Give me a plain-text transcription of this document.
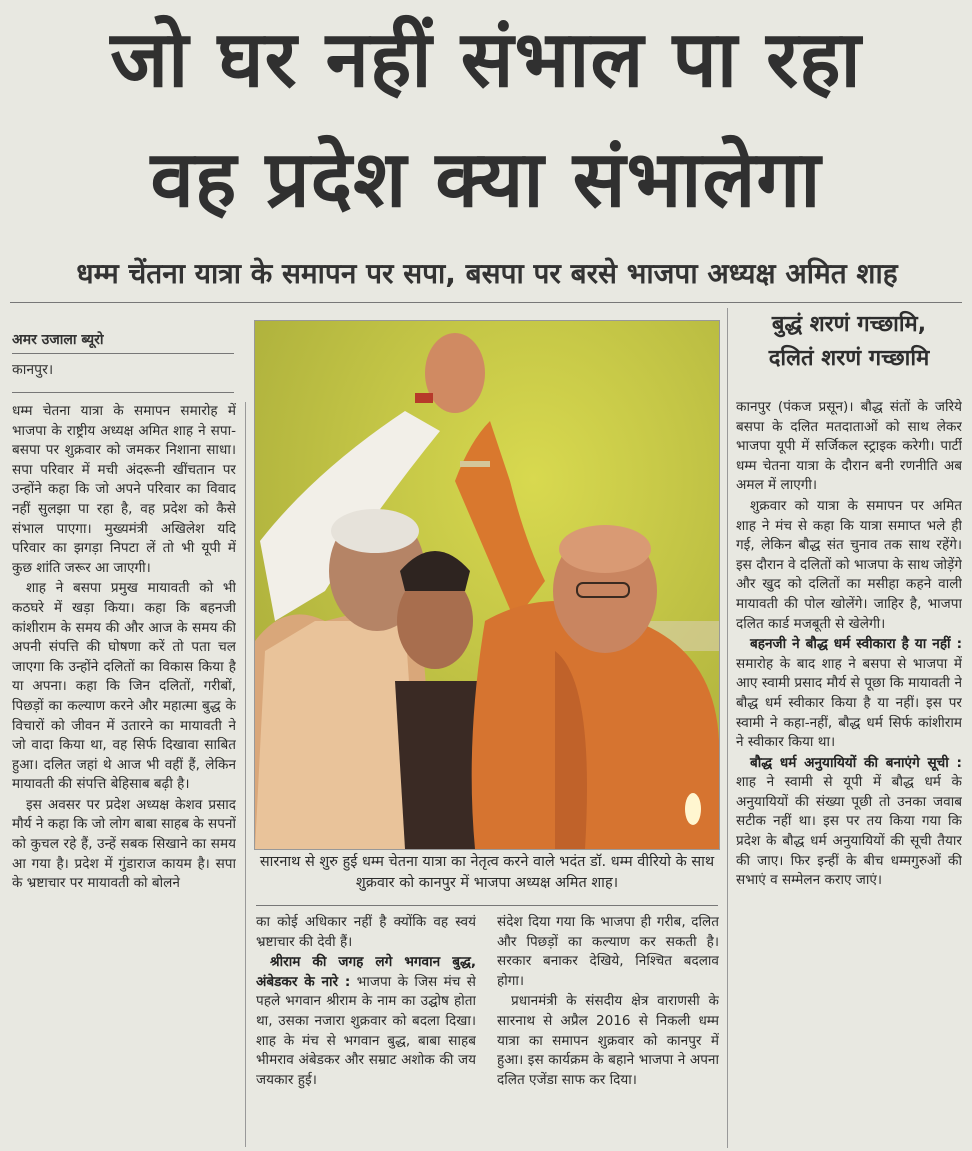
जो घर नहीं संभाल पा रहा
वह प्रदेश क्या संभालेगा
धम्म चेंतना यात्रा के समापन पर सपा, बसपा पर बरसे भाजपा अध्यक्ष अमित शाह
अमर उजाला ब्यूरो
कानपुर।

धम्म चेतना यात्रा के समापन समारोह में भाजपा के राष्ट्रीय अध्यक्ष अमित शाह ने सपा-बसपा पर शुक्रवार को जमकर निशाना साधा। सपा परिवार में मची अंदरूनी खींचतान पर उन्होंने कहा कि जो अपने परिवार का विवाद नहीं सुलझा पा रहा है, वह प्रदेश को कैसे संभाल पाएगा। मुख्यमंत्री अखिलेश यदि परिवार का झगड़ा निपटा लें तो भी यूपी में कुछ शांति जरूर आ जाएगी।

शाह ने बसपा प्रमुख मायावती को भी कठघरे में खड़ा किया। कहा कि बहनजी कांशीराम के समय की और आज के समय की अपनी संपत्ति की घोषणा करें तो पता चल जाएगा कि उन्होंने दलितों का विकास किया है या अपना। कहा कि जिन दलितों, गरीबों, पिछड़ों का कल्याण करने और महात्मा बुद्ध के विचारों को जीवन में उतारने का मायावती ने जो वादा किया था, वह सिर्फ दिखावा साबित हुआ। दलित जहां थे आज भी वहीं हैं, लेकिन मायावती की संपत्ति बेहिसाब बढ़ी है।

इस अवसर पर प्रदेश अध्यक्ष केशव प्रसाद मौर्य ने कहा कि जो लोग बाबा साहब के सपनों को कुचल रहे हैं, उन्हें सबक सिखाने का समय आ गया है। प्रदेश में गुंडाराज कायम है। सपा के भ्रष्टाचार पर मायावती को बोलने

सारनाथ से शुरु हुई धम्म चेतना यात्रा का नेतृत्व करने वाले भदंत डॉ. धम्म वीरियो के साथ शुक्रवार को कानपुर में भाजपा अध्यक्ष अमित शाह।

का कोई अधिकार नहीं है क्योंकि वह स्वयं भ्रष्टाचार की देवी हैं।

श्रीराम की जगह लगे भगवान बुद्ध, अंबेडकर के नारे : भाजपा के जिस मंच से पहले भगवान श्रीराम के नाम का उद्घोष होता था, उसका नजारा शुक्रवार को बदला दिखा। शाह के मंच से भगवान बुद्ध, बाबा साहब भीमराव अंबेडकर और सम्राट अशोक की जय जयकार हुई।

संदेश दिया गया कि भाजपा ही गरीब, दलित और पिछड़ों का कल्याण कर सकती है। सरकार बनाकर देखिये, निश्चित बदलाव होगा।

प्रधानमंत्री के संसदीय क्षेत्र वाराणसी के सारनाथ से अप्रैल 2016 से निकली धम्म यात्रा का समापन शुक्रवार को कानपुर में हुआ। इस कार्यक्रम के बहाने भाजपा ने अपना दलित एजेंडा साफ कर दिया।

बुद्धं शरणं गच्छामि,
दलितं शरणं गच्छामि

कानपुर (पंकज प्रसून)। बौद्ध संतों के जरिये बसपा के दलित मतदाताओं को साथ लेकर भाजपा यूपी में सर्जिकल स्ट्राइक करेगी। पार्टी धम्म चेतना यात्रा के दौरान बनी रणनीति अब अमल में लाएगी।

शुक्रवार को यात्रा के समापन पर अमित शाह ने मंच से कहा कि यात्रा समाप्त भले ही गई, लेकिन बौद्ध संत चुनाव तक साथ रहेंगे। इस दौरान वे दलितों को भाजपा के साथ जोड़ेंगे और खुद को दलितों का मसीहा कहने वाली मायावती की पोल खोलेंगे। जाहिर है, भाजपा दलित कार्ड मजबूती से खेलेगी।

बहनजी ने बौद्ध धर्म स्वीकारा है या नहीं : समारोह के बाद शाह ने बसपा से भाजपा में आए स्वामी प्रसाद मौर्य से पूछा कि मायावती ने बौद्ध धर्म स्वीकार किया है या नहीं। इस पर स्वामी ने कहा-नहीं, बौद्ध धर्म सिर्फ कांशीराम ने स्वीकार किया था।

बौद्ध धर्म अनुयायियों की बनाएंगे सूची : शाह ने स्वामी से यूपी में बौद्ध धर्म के अनुयायियों की संख्या पूछी तो उनका जवाब सटीक नहीं था। इस पर तय किया गया कि प्रदेश के बौद्ध धर्म अनुयायियों की सूची तैयार की जाए। फिर इन्हीं के बीच धम्मगुरुओं की सभाएं व सम्मेलन कराए जाएं।
